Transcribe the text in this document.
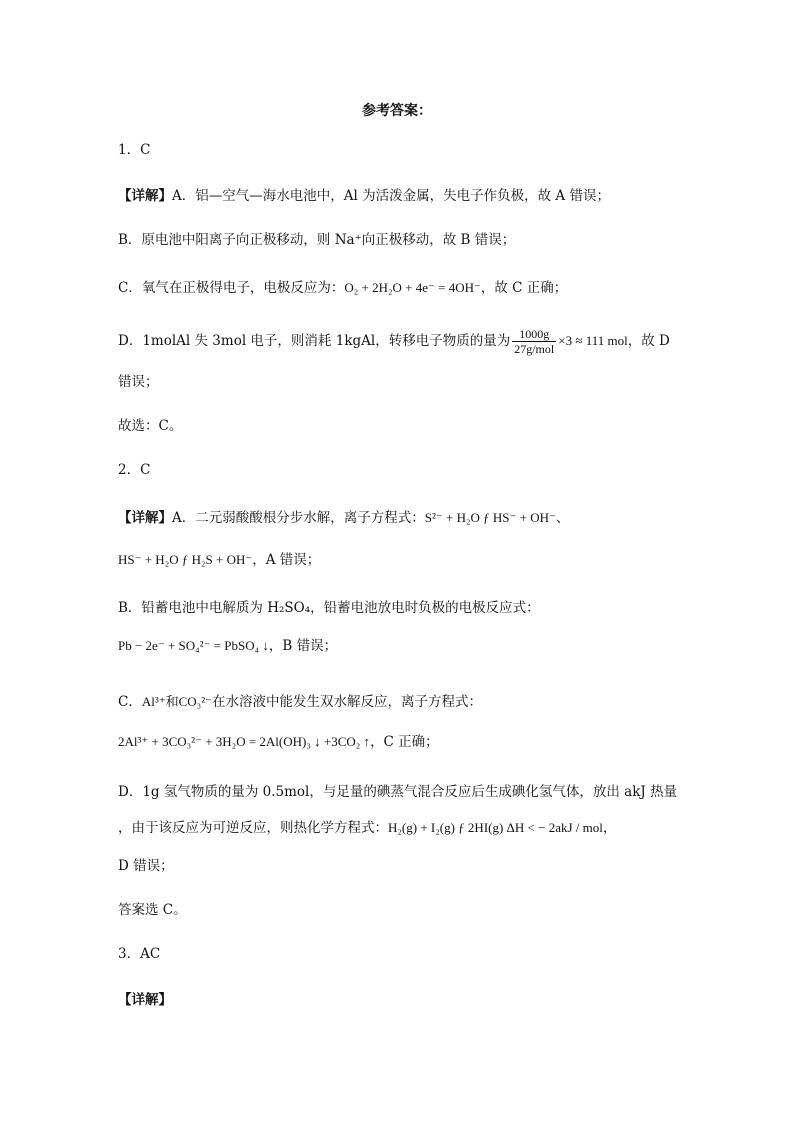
参考答案：
1．C
【详解】A．铝—空气—海水电池中，Al 为活泼金属，失电子作负极，故 A 错误；
B．原电池中阳离子向正极移动，则 Na⁺向正极移动，故 B 错误；
C．氧气在正极得电子，电极反应为：O₂ + 2H₂O + 4e⁻ = 4OH⁻，故 C 正确；
D．1molAl 失 3mol 电子，则消耗 1kgAl，转移电子物质的量为 $\frac{1000g}{\text{27g/mol}} \times 3 \approx 111$ mol，故 D
错误；
故选：C。
2．C
【详解】A．二元弱酸酸根分步水解，离子方程式：S²⁻ + H₂O ƒ HS⁻ + OH⁻、
HS⁻ + H₂O ƒ H₂S + OH⁻，A 错误；
B．铅蓄电池中电解质为 H₂SO₄，铅蓄电池放电时负极的电极反应式：
Pb − 2e⁻ + SO₄²⁻ = PbSO₄ ↓，B 错误；
C．Al³⁺和CO₃²⁻在水溶液中能发生双水解反应，离子方程式：
2Al³⁺ + 3CO₃²⁻ + 3H₂O = 2Al(OH)₃ ↓ +3CO₂ ↑，C 正确；
D．1g 氢气物质的量为 0.5mol，与足量的碘蒸气混合反应后生成碘化氢气体，放出 akJ 热量
，由于该反应为可逆反应，则热化学方程式：H₂(g) + I₂(g) ƒ 2HI(g) ΔH < − 2akJ / mol，
D 错误；
答案选 C。
3．AC
【详解】
